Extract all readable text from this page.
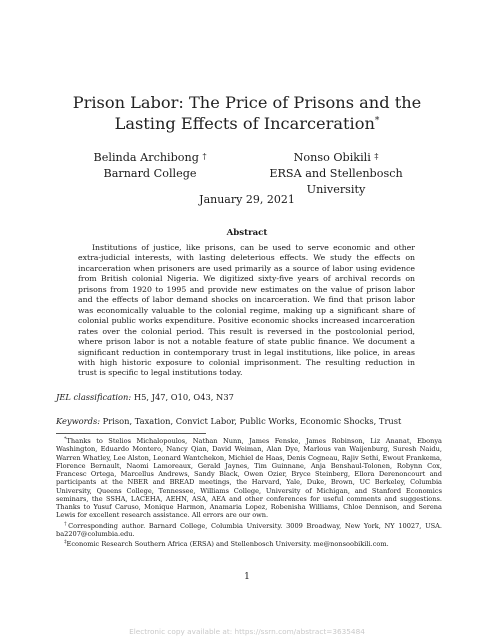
Prison Labor: The Price of Prisons and the Lasting Effects of Incarceration*
Belinda Archibong †
Barnard College
Nonso Obikili ‡
ERSA and Stellenbosch University
January 29, 2021
Abstract

Institutions of justice, like prisons, can be used to serve economic and other extra-judicial interests, with lasting deleterious effects. We study the effects on incarceration when prisoners are used primarily as a source of labor using evidence from British colonial Nigeria. We digitized sixty-five years of archival records on prisons from 1920 to 1995 and provide new estimates on the value of prison labor and the effects of labor demand shocks on incarceration. We find that prison labor was economically valuable to the colonial regime, making up a significant share of colonial public works expenditure. Positive economic shocks increased incarceration rates over the colonial period. This result is reversed in the postcolonial period, where prison labor is not a notable feature of state public finance. We document a significant reduction in contemporary trust in legal institutions, like police, in areas with high historic exposure to colonial imprisonment. The resulting reduction in trust is specific to legal institutions today.

JEL classification: H5, J47, O10, O43, N37
Keywords: Prison, Taxation, Convict Labor, Public Works, Economic Shocks, Trust

*Thanks to Stelios Michalopoulos, Nathan Nunn, James Fenske, James Robinson, Liz Ananat, Ebonya Washington, Eduardo Montero, Nancy Qian, David Weiman, Alan Dye, Marlous van Waijenburg, Suresh Naidu, Warren Whatley, Lee Alston, Leonard Wantchekon, Michiel de Haas, Denis Cogneau, Rajiv Sethi, Ewout Frankema, Florence Bernault, Naomi Lamoreaux, Gerald Jaynes, Tim Guinnane, Anja Benshaul-Tolonen, Robynn Cox, Francesc Ortega, Marcellus Andrews, Sandy Black, Owen Ozier, Bryce Steinberg, Ellora Derenoncourt and participants at the NBER and BREAD meetings, the Harvard, Yale, Duke, Brown, UC Berkeley, Columbia University, Queens College, Tennessee, Williams College, University of Michigan, and Stanford Economics seminars, the SSHA, LACEHA, AEHN, ASA, AEA and other conferences for useful comments and suggestions. Thanks to Yusuf Caruso, Monique Harmon, Anamaria Lopez, Robenisha Williams, Chloe Dennison, and Serena Lewis for excellent research assistance. All errors are our own.

†Corresponding author. Barnard College, Columbia University. 3009 Broadway, New York, NY 10027, USA. ba2207@columbia.edu.

‡Economic Research Southern Africa (ERSA) and Stellenbosch University. me@nonsoobikili.com.

1
Electronic copy available at: https://ssrn.com/abstract=3635484
